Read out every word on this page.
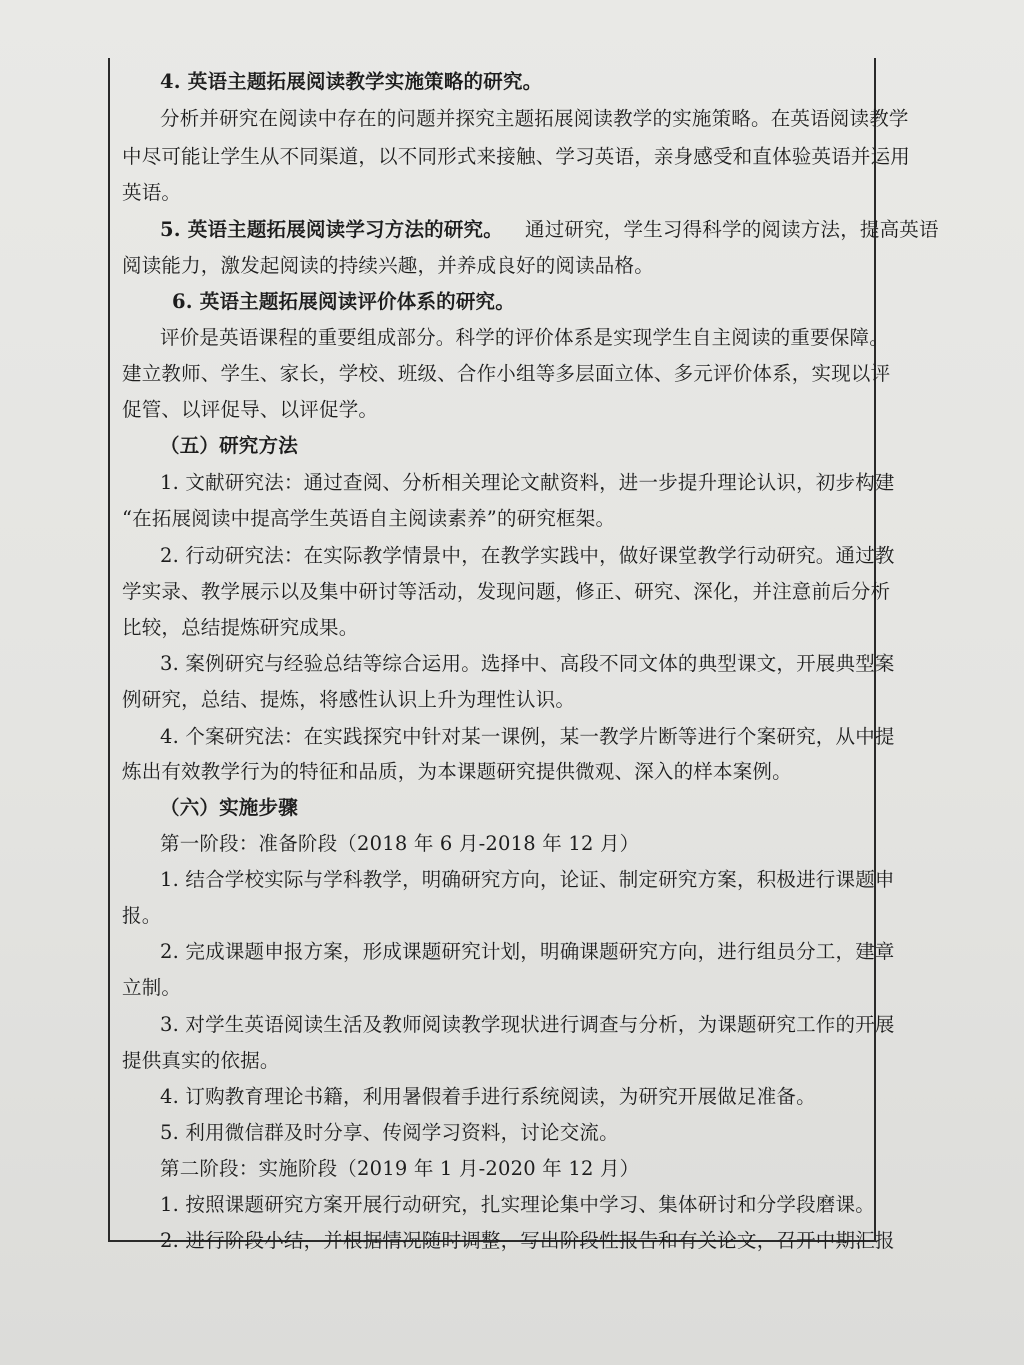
4. 英语主题拓展阅读教学实施策略的研究。

分析并研究在阅读中存在的问题并探究主题拓展阅读教学的实施策略。在英语阅读教学

中尽可能让学生从不同渠道，以不同形式来接触、学习英语，亲身感受和直体验英语并运用

英语。

5. 英语主题拓展阅读学习方法的研究。 通过研究，学生习得科学的阅读方法，提高英语

阅读能力，激发起阅读的持续兴趣，并养成良好的阅读品格。

6. 英语主题拓展阅读评价体系的研究。

评价是英语课程的重要组成部分。科学的评价体系是实现学生自主阅读的重要保障。

建立教师、学生、家长，学校、班级、合作小组等多层面立体、多元评价体系，实现以评

促管、以评促导、以评促学。

（五）研究方法

1. 文献研究法：通过查阅、分析相关理论文献资料，进一步提升理论认识，初步构建

“在拓展阅读中提高学生英语自主阅读素养”的研究框架。

2. 行动研究法：在实际教学情景中，在教学实践中，做好课堂教学行动研究。通过教

学实录、教学展示以及集中研讨等活动，发现问题，修正、研究、深化，并注意前后分析

比较，总结提炼研究成果。

3. 案例研究与经验总结等综合运用。选择中、高段不同文体的典型课文，开展典型案

例研究，总结、提炼，将感性认识上升为理性认识。

4. 个案研究法：在实践探究中针对某一课例，某一教学片断等进行个案研究，从中提

炼出有效教学行为的特征和品质，为本课题研究提供微观、深入的样本案例。

（六）实施步骤

第一阶段：准备阶段（2018 年 6 月-2018 年 12 月）

1. 结合学校实际与学科教学，明确研究方向，论证、制定研究方案，积极进行课题申

报。

2. 完成课题申报方案，形成课题研究计划，明确课题研究方向，进行组员分工，建章

立制。

3. 对学生英语阅读生活及教师阅读教学现状进行调查与分析，为课题研究工作的开展

提供真实的依据。

4. 订购教育理论书籍，利用暑假着手进行系统阅读，为研究开展做足准备。

5. 利用微信群及时分享、传阅学习资料，讨论交流。

第二阶段：实施阶段（2019 年 1 月-2020 年 12 月）

1. 按照课题研究方案开展行动研究，扎实理论集中学习、集体研讨和分学段磨课。

2. 进行阶段小结，并根据情况随时调整，写出阶段性报告和有关论文，召开中期汇报
